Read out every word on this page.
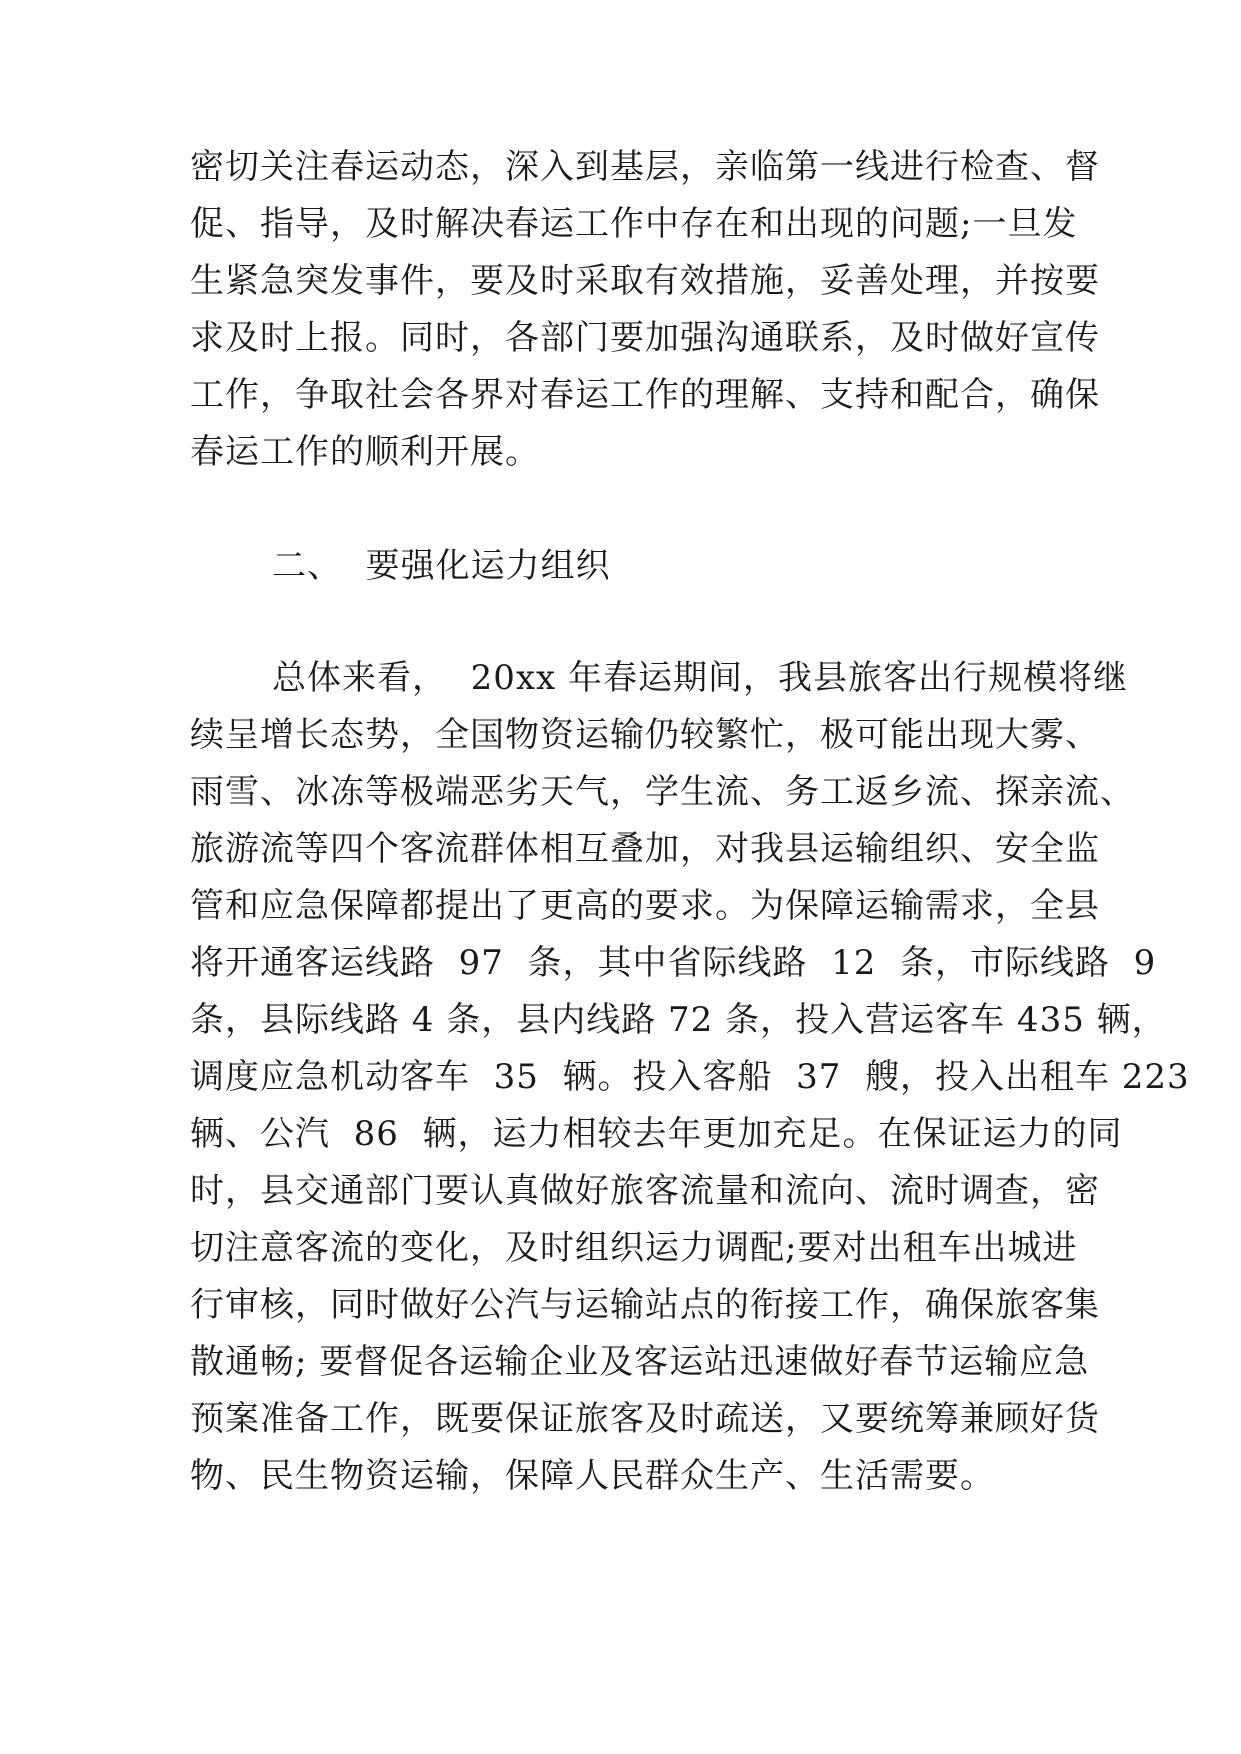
密切关注春运动态，深入到基层，亲临第一线进行检查、督
促、指导，及时解决春运工作中存在和出现的问题;一旦发
生紧急突发事件，要及时采取有效措施，妥善处理，并按要
求及时上报。同时，各部门要加强沟通联系，及时做好宣传
工作，争取社会各界对春运工作的理解、支持和配合，确保
春运工作的顺利开展。
二、  要强化运力组织
总体来看，  20xx 年春运期间，我县旅客出行规模将继
续呈增长态势，全国物资运输仍较繁忙，极可能出现大雾、
雨雪、冰冻等极端恶劣天气，学生流、务工返乡流、探亲流、
旅游流等四个客流群体相互叠加，对我县运输组织、安全监
管和应急保障都提出了更高的要求。为保障运输需求，全县
将开通客运线路  97  条，其中省际线路  12  条，市际线路  9
条，县际线路 4 条，县内线路 72 条，投入营运客车 435 辆，
调度应急机动客车  35  辆。投入客船  37  艘，投入出租车 223
辆、公汽  86  辆，运力相较去年更加充足。在保证运力的同
时，县交通部门要认真做好旅客流量和流向、流时调查，密
切注意客流的变化，及时组织运力调配;要对出租车出城进
行审核，同时做好公汽与运输站点的衔接工作，确保旅客集
散通畅; 要督促各运输企业及客运站迅速做好春节运输应急
预案准备工作，既要保证旅客及时疏送，又要统筹兼顾好货
物、民生物资运输，保障人民群众生产、生活需要。
